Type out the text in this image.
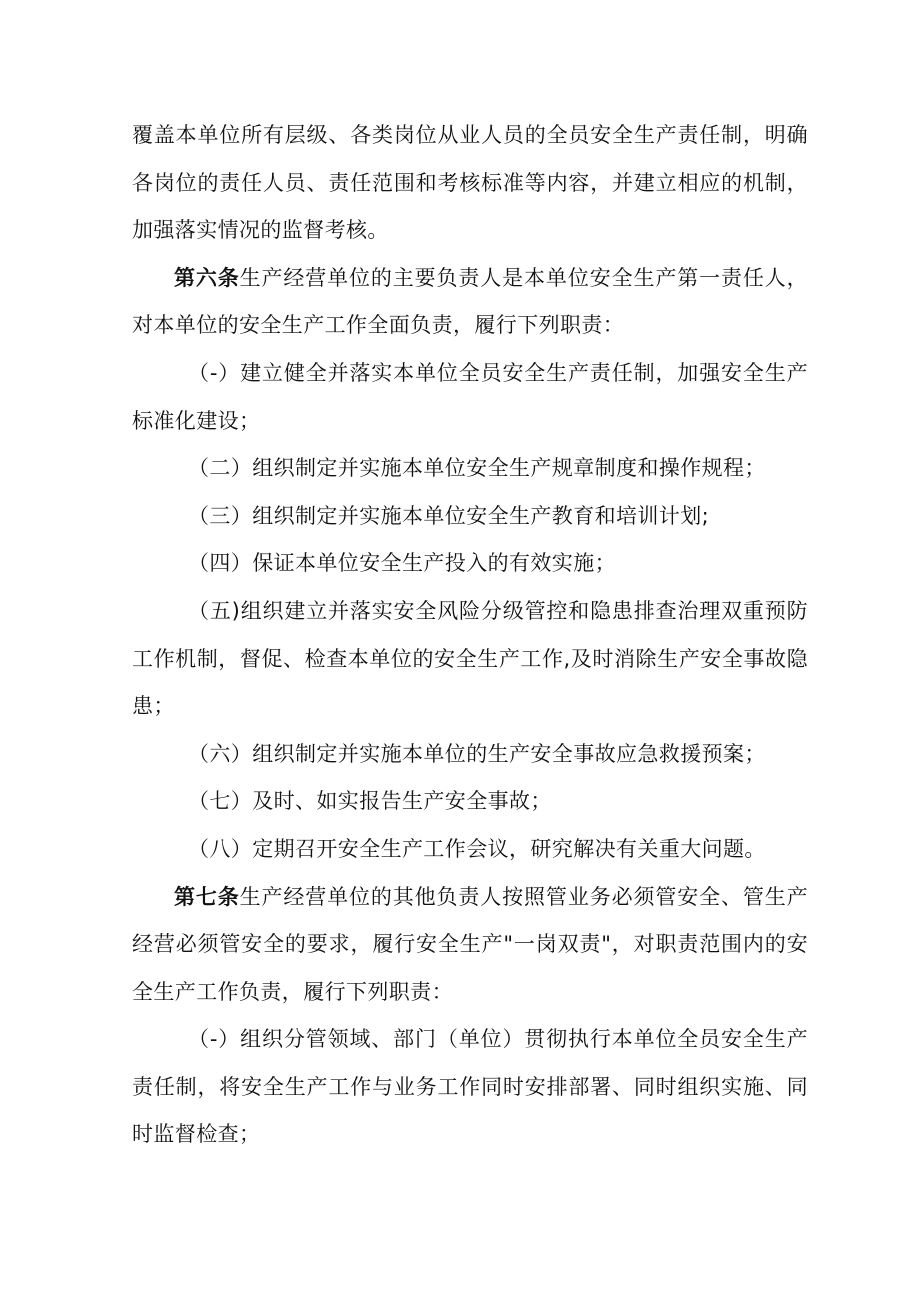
覆盖本单位所有层级、各类岗位从业人员的全员安全生产责任制，明确各岗位的责任人员、责任范围和考核标准等内容，并建立相应的机制，加强落实情况的监督考核。

第六条生产经营单位的主要负责人是本单位安全生产第一责任人，对本单位的安全生产工作全面负责，履行下列职责：

（-）建立健全并落实本单位全员安全生产责任制，加强安全生产标准化建设；

（二）组织制定并实施本单位安全生产规章制度和操作规程；

（三）组织制定并实施本单位安全生产教育和培训计划;

（四）保证本单位安全生产投入的有效实施；

（五)组织建立并落实安全风险分级管控和隐患排查治理双重预防工作机制，督促、检查本单位的安全生产工作,及时消除生产安全事故隐患；

（六）组织制定并实施本单位的生产安全事故应急救援预案；

（七）及时、如实报告生产安全事故；

（八）定期召开安全生产工作会议，研究解决有关重大问题。

第七条生产经营单位的其他负责人按照管业务必须管安全、管生产经营必须管安全的要求，履行安全生产"一岗双责"，对职责范围内的安全生产工作负责，履行下列职责：

（-）组织分管领域、部门（单位）贯彻执行本单位全员安全生产责任制，将安全生产工作与业务工作同时安排部署、同时组织实施、同时监督检查；
